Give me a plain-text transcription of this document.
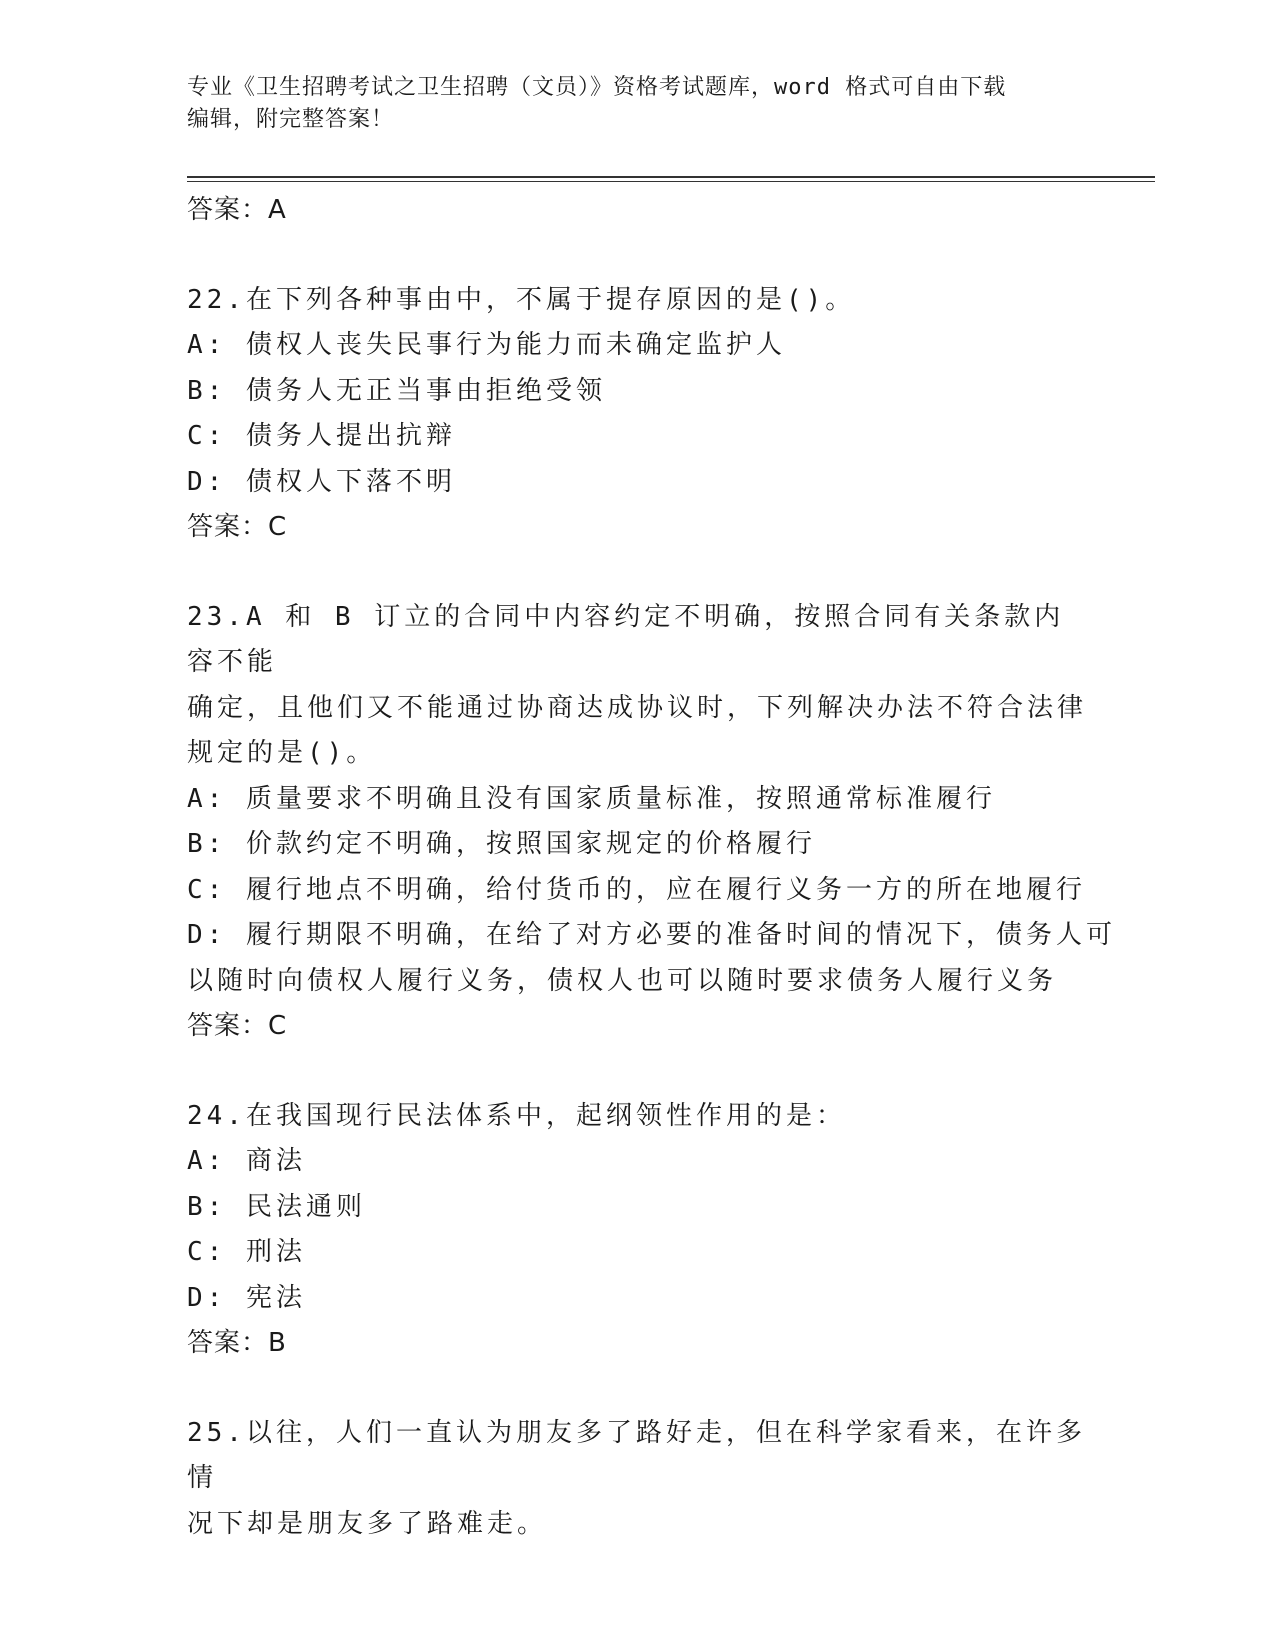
专业《卫生招聘考试之卫生招聘（文员）》资格考试题库，word 格式可自由下载
编辑，附完整答案！
答案：A
22.在下列各种事由中，不属于提存原因的是()。
A: 债权人丧失民事行为能力而未确定监护人
B: 债务人无正当事由拒绝受领
C: 债务人提出抗辩
D: 债权人下落不明
答案：C
23.A 和 B 订立的合同中内容约定不明确，按照合同有关条款内容不能
确定，且他们又不能通过协商达成协议时，下列解决办法不符合法律
规定的是()。
A: 质量要求不明确且没有国家质量标准，按照通常标准履行
B: 价款约定不明确，按照国家规定的价格履行
C: 履行地点不明确，给付货币的，应在履行义务一方的所在地履行
D: 履行期限不明确，在给了对方必要的准备时间的情况下，债务人可
以随时向债权人履行义务，债权人也可以随时要求债务人履行义务
答案：C
24.在我国现行民法体系中，起纲领性作用的是：
A: 商法
B: 民法通则
C: 刑法
D: 宪法
答案：B
25.以往，人们一直认为朋友多了路好走，但在科学家看来，在许多情
况下却是朋友多了路难走。
